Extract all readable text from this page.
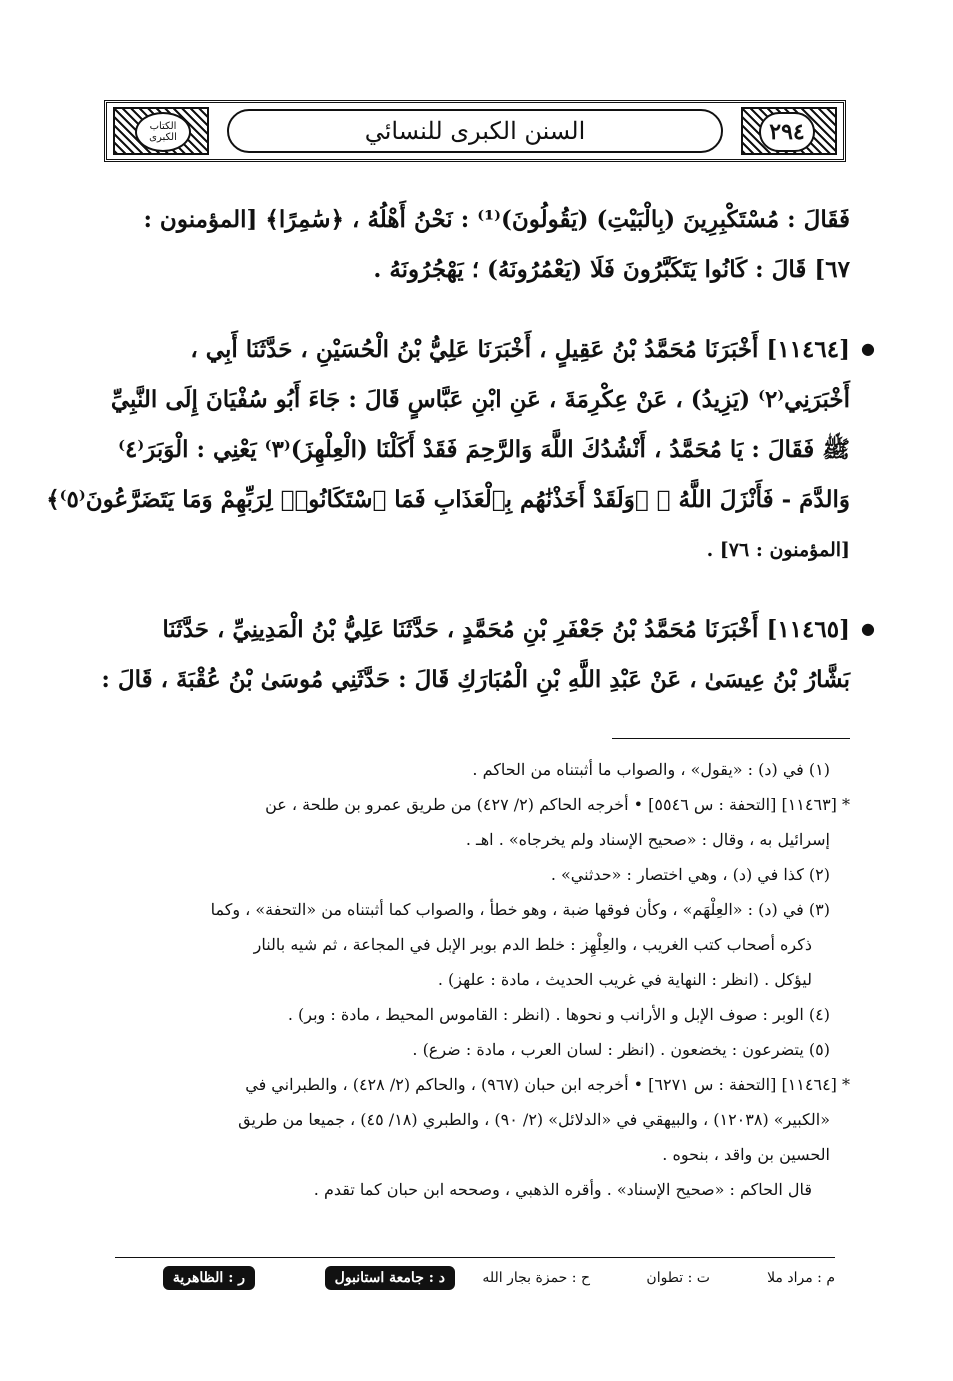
الكتاب الكبرى	السنن الكبرى للنسائي	٢٩٤
فَقَالَ : مُسْتَكْبِرِينَ (بِالْبَيْتِ) (يَقُولُونَ)⁽¹⁾ : نَحْنُ أَهْلُهُ ، ﴿سَٰمِرًا﴾ [المؤمنون :
٦٧] قَالَ : كَانُوا يَتَكَبَّرُونَ فَلَا (يَعْمُرُونَهُ) ؛ يَهْجُرُونَهُ .
●
[١١٤٦٤] أَخْبَرَنَا مُحَمَّدُ بْنُ عَقِيلٍ ، أَخْبَرَنَا عَلِيُّ بْنُ الْحُسَيْنِ ، حَدَّثَنَا أَبِي ،
أَخْبَرَنِي⁽٢⁾ (يَزِيدُ) ، عَنْ عِكْرِمَةَ ، عَنِ ابْنِ عَبَّاسٍ قَالَ : جَاءَ أَبُو سُفْيَانَ إِلَى النَّبِيِّ
ﷺ فَقَالَ : يَا مُحَمَّدُ ، أَنْشُدُكَ اللَّهَ وَالرَّحِمَ فَقَدْ أَكَلْنَا (الْعِلْهِزَ)⁽٣⁾ يَعْنِي : الْوَبَرَ⁽٤⁾
وَالدَّمَ - فَأَنْزَلَ اللَّهُ ﷻ ﴿وَلَقَدْ أَخَذْنَٰهُم بِٱلْعَذَابِ فَمَا ٱسْتَكَانُوا۟ لِرَبِّهِمْ وَمَا يَتَضَرَّعُونَ⁽٥⁾﴾
[المؤمنون : ٧٦] .
●
[١١٤٦٥] أَخْبَرَنَا مُحَمَّدُ بْنُ جَعْفَرِ بْنِ مُحَمَّدٍ ، حَدَّثَنَا عَلِيُّ بْنُ الْمَدِينِيِّ ، حَدَّثَنَا
بَشَّارُ بْنُ عِيسَىٰ ، عَنْ عَبْدِ اللَّهِ بْنِ الْمُبَارَكِ قَالَ : حَدَّثَنِي مُوسَىٰ بْنُ عُقْبَةَ ، قَالَ :
(١) في (د) : «يقول» ، والصواب ما أثبتناه من الحاكم .
* [١١٤٦٣] [التحفة : س ٥٥٤٦] • أخرجه الحاكم (٢/ ٤٢٧) من طريق عمرو بن طلحة ، عن
إسرائيل به ، وقال : «صحيح الإسناد ولم يخرجاه» . اهـ .
(٢) كذا في (د) ، وهي اختصار : «حدثني» .
(٣) في (د) : «العِلْهَم» ، وكأن فوقها ضبة ، وهو خطأ ، والصواب كما أثبتناه من «التحفة» ، وكما
ذكره أصحاب كتب الغريب ، والعِلْهِز : خلط الدم بوبر الإبل في المجاعة ، ثم شيه بالنار
ليؤكل . (انظر : النهاية في غريب الحديث ، مادة : علهز) .
(٤) الوبر : صوف الإبل و الأرانب و نحوها . (انظر : القاموس المحيط ، مادة : وبر) .
(٥) يتضرعون : يخضعون . (انظر : لسان العرب ، مادة : ضرع) .
* [١١٤٦٤] [التحفة : س ٦٢٧١] • أخرجه ابن حبان (٩٦٧) ، والحاكم (٢/ ٤٢٨) ، والطبراني في
«الكبير» (١٢٠٣٨) ، والبيهقي في «الدلائل» (٢/ ٩٠) ، والطبري (١٨/ ٤٥) ، جميعا من طريق
الحسين بن واقد ، بنحوه .
قال الحاكم : «صحيح الإسناد» . وأقره الذهبي ، وصححه ابن حبان كما تقدم .
م : مراد ملا
ت : تطوان
ح : حمزة بجار الله
د : جامعة استانبول
ر : الظاهرية
